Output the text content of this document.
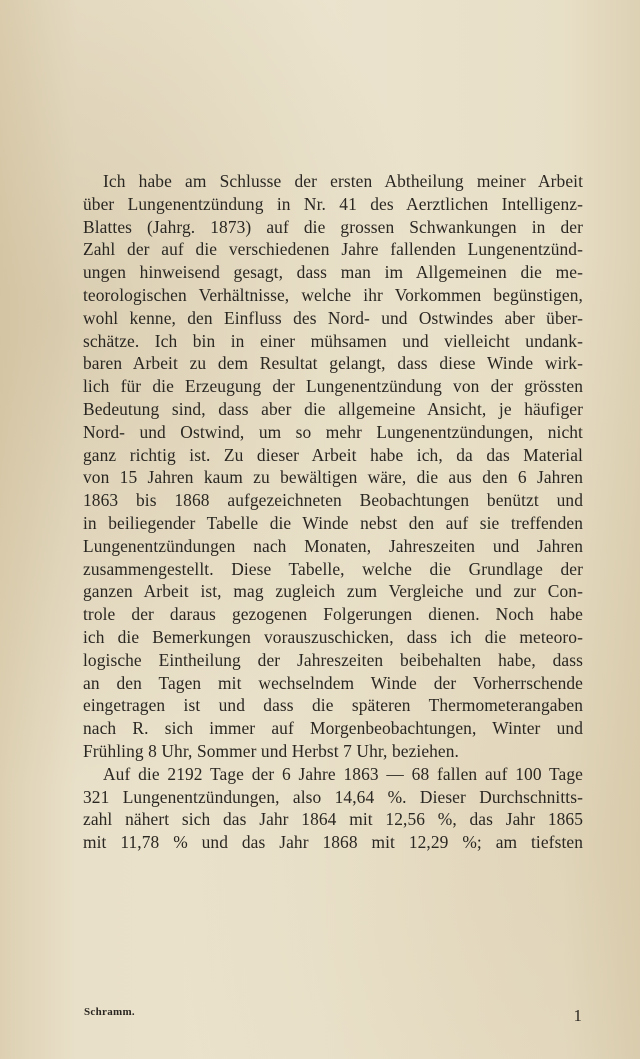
Ich habe am Schlusse der ersten Abtheilung meiner Arbeit
über Lungenentzündung in Nr. 41 des Aerztlichen Intelligenz-
Blattes (Jahrg. 1873) auf die grossen Schwankungen in der
Zahl der auf die verschiedenen Jahre fallenden Lungenentzünd-
ungen hinweisend gesagt, dass man im Allgemeinen die me-
teorologischen Verhältnisse, welche ihr Vorkommen begünstigen,
wohl kenne, den Einfluss des Nord- und Ostwindes aber über-
schätze. Ich bin in einer mühsamen und vielleicht undank-
baren Arbeit zu dem Resultat gelangt, dass diese Winde wirk-
lich für die Erzeugung der Lungenentzündung von der grössten
Bedeutung sind, dass aber die allgemeine Ansicht, je häufiger
Nord- und Ostwind, um so mehr Lungenentzündungen, nicht
ganz richtig ist. Zu dieser Arbeit habe ich, da das Material
von 15 Jahren kaum zu bewältigen wäre, die aus den 6 Jahren
1863 bis 1868 aufgezeichneten Beobachtungen benützt und
in beiliegender Tabelle die Winde nebst den auf sie treffenden
Lungenentzündungen nach Monaten, Jahreszeiten und Jahren
zusammengestellt. Diese Tabelle, welche die Grundlage der
ganzen Arbeit ist, mag zugleich zum Vergleiche und zur Con-
trole der daraus gezogenen Folgerungen dienen. Noch habe
ich die Bemerkungen vorauszuschicken, dass ich die meteoro-
logische Eintheilung der Jahreszeiten beibehalten habe, dass
an den Tagen mit wechselndem Winde der Vorherrschende
eingetragen ist und dass die späteren Thermometerangaben
nach R. sich immer auf Morgenbeobachtungen, Winter und
Frühling 8 Uhr, Sommer und Herbst 7 Uhr, beziehen.
Auf die 2192 Tage der 6 Jahre 1863 — 68 fallen auf 100 Tage
321 Lungenentzündungen, also 14,64 %. Dieser Durchschnitts-
zahl nähert sich das Jahr 1864 mit 12,56 %, das Jahr 1865
mit 11,78 % und das Jahr 1868 mit 12,29 %; am tiefsten
Schramm.	1
